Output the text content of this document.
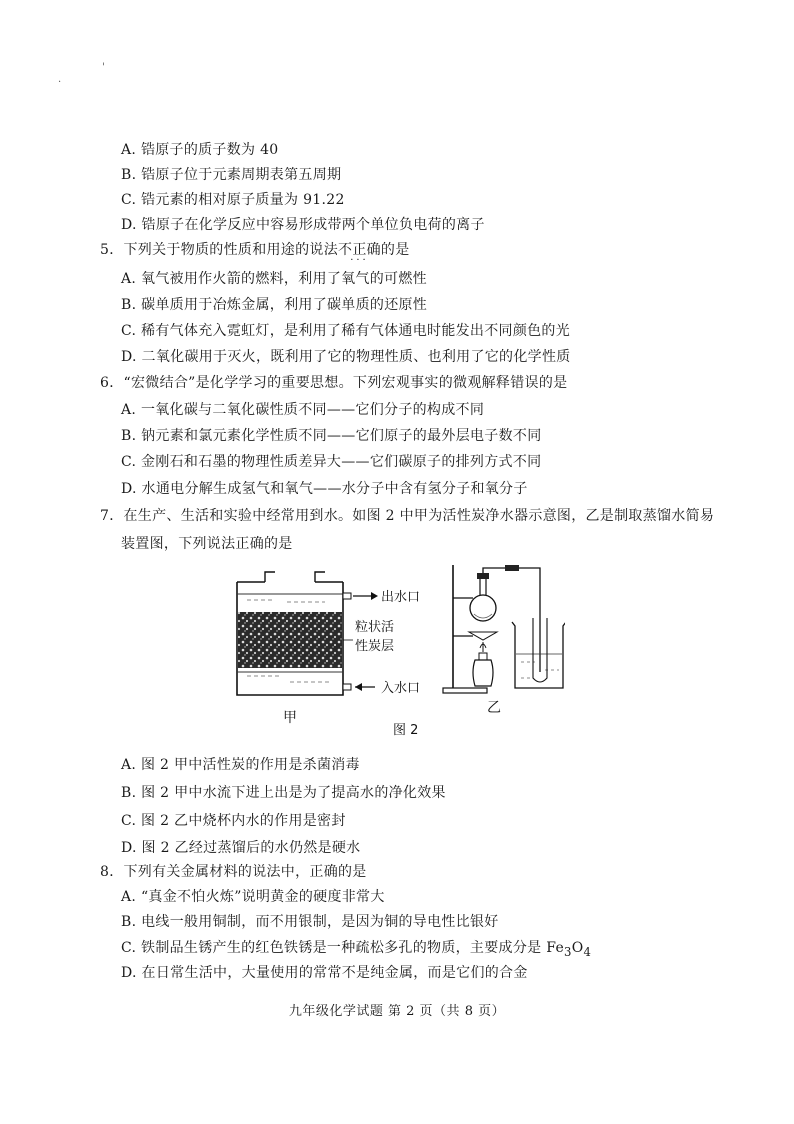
'
.
A. 锆原子的质子数为 40
B. 锆原子位于元素周期表第五周期
C. 锆元素的相对原子质量为 91.22
D. 锆原子在化学反应中容易形成带两个单位负电荷的离子
5．下列关于物质的性质和用途的说法不正确
···
的是
A. 氧气被用作火箭的燃料，利用了氧气的可燃性
B. 碳单质用于冶炼金属，利用了碳单质的还原性
C. 稀有气体充入霓虹灯，是利用了稀有气体通电时能发出不同颜色的光
D. 二氧化碳用于灭火，既利用了它的物理性质、也利用了它的化学性质
6．“宏微结合”是化学学习的重要思想。下列宏观事实的微观解释错误的是
A. 一氧化碳与二氧化碳性质不同——它们分子的构成不同
B. 钠元素和氯元素化学性质不同——它们原子的最外层电子数不同
C. 金刚石和石墨的物理性质差异大——它们碳原子的排列方式不同
D. 水通电分解生成氢气和氧气——水分子中含有氢分子和氧分子
7．在生产、生活和实验中经常用到水。如图 2 中甲为活性炭净水器示意图，乙是制取蒸馏水简易
装置图，下列说法正确的是
出水口
粒状活
性炭层
入水口
甲
乙
图 2
A. 图 2 甲中活性炭的作用是杀菌消毒
B. 图 2 甲中水流下进上出是为了提高水的净化效果
C. 图 2 乙中烧杯内水的作用是密封
D. 图 2 乙经过蒸馏后的水仍然是硬水
8．下列有关金属材料的说法中，正确的是
A. “真金不怕火炼”说明黄金的硬度非常大
B. 电线一般用铜制，而不用银制，是因为铜的导电性比银好
C. 铁制品生锈产生的红色铁锈是一种疏松多孔的物质，主要成分是 $Fe_3O_4$
D. 在日常生活中，大量使用的常常不是纯金属，而是它们的合金
九年级化学试题 第 2 页（共 8 页）
